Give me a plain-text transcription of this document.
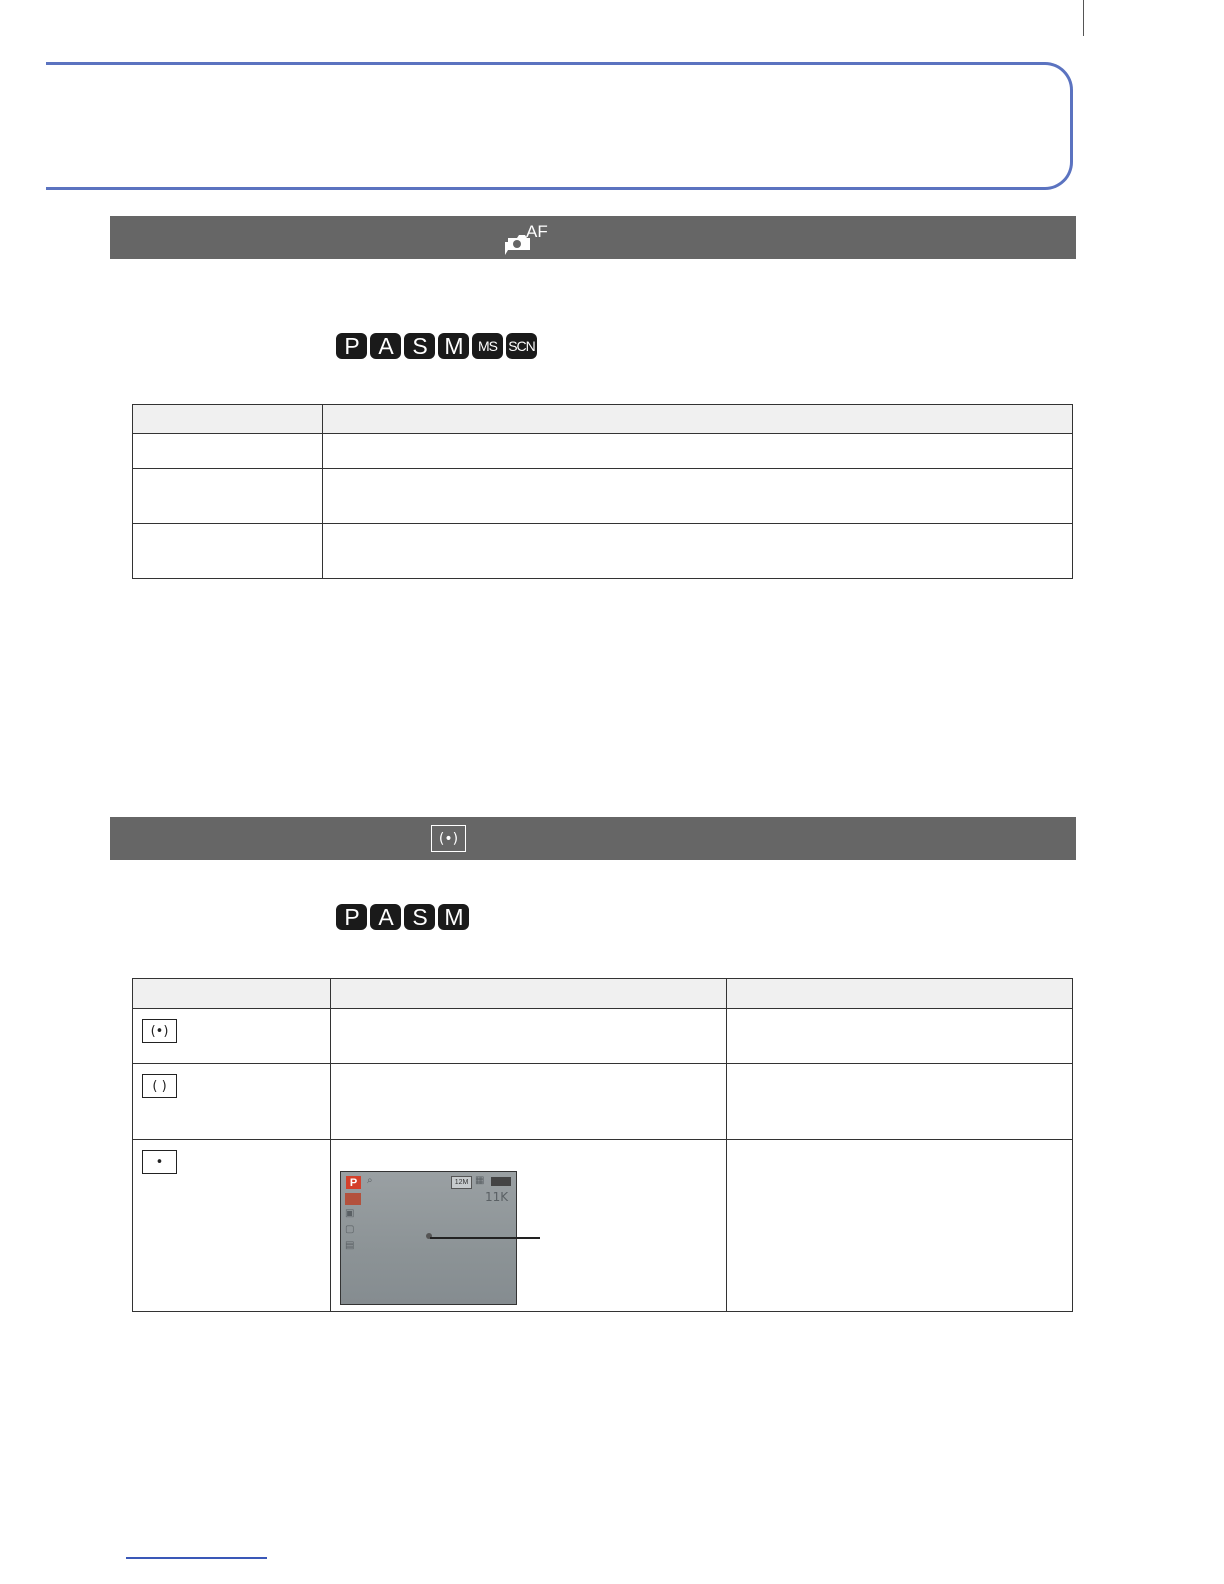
AF
P A S M	MS SCN

(•)
P A S M

(•)		
( )		
•		
P ⌕	12M ▦
11K
▣
▢
▤
